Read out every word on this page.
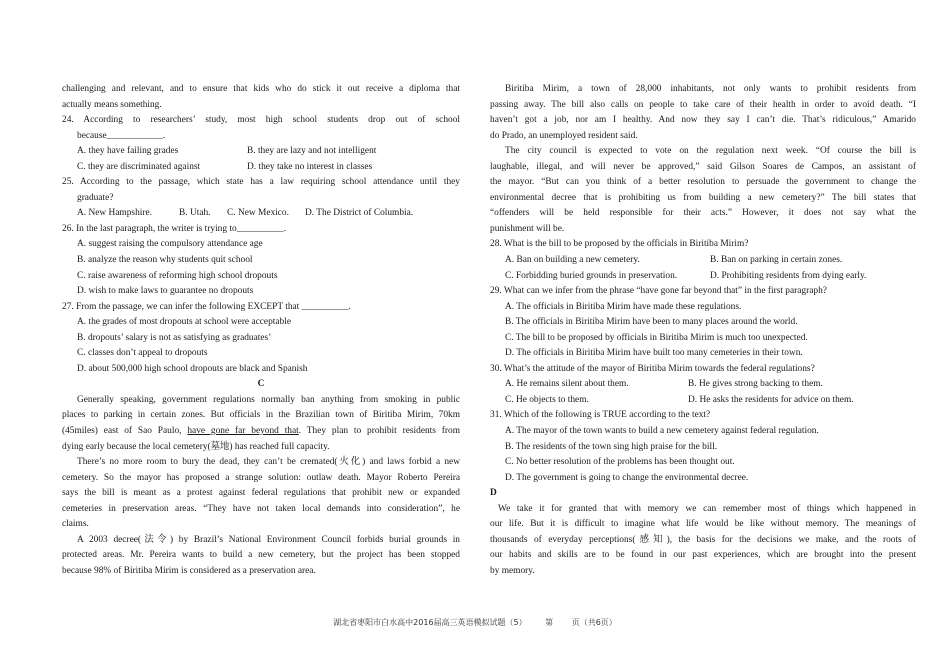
challenging and relevant, and to ensure that kids who do stick it out receive a diploma that

actually means something.

24. According to researchers’ study, most high school students drop out of school

because____________.

A. they have failing grades	B. they are lazy and not intelligent
C. they are discriminated against	D. they take no interest in classes

25. According to the passage, which state has a law requiring school attendance until they

graduate?

A. New Hampshire.	B. Utah.	C. New Mexico.	D. The District of Columbia.

26. In the last paragraph, the writer is trying to__________.

A. suggest raising the compulsory attendance age

B. analyze the reason why students quit school

C. raise awareness of reforming high school dropouts

D. wish to make laws to guarantee no dropouts

27. From the passage, we can infer the following EXCEPT that __________.

A. the grades of most dropouts at school were acceptable

B. dropouts’ salary is not as satisfying as graduates’

C. classes don’t appeal to dropouts

D. about 500,000 high school dropouts are black and Spanish

C

Generally speaking, government regulations normally ban anything from smoking in public

places to parking in certain zones. But officials in the Brazilian town of Biritiba Mirim, 70km

(45miles) east of Sao Paulo, have gone far beyond that. They plan to prohibit residents from

dying early because the local cemetery(墓地) has reached full capacity.

There’s no more room to bury the dead, they can’t be cremated(火化) and laws forbid a new

cemetery. So the mayor has proposed a strange solution: outlaw death. Mayor Roberto Pereira

says the bill is meant as a protest against federal regulations that prohibit new or expanded

cemeteries in preservation areas. “They have not taken local demands into consideration”, he

claims.

A 2003 decree(法令) by Brazil’s National Environment Council forbids burial grounds in

protected areas. Mr. Pereira wants to build a new cemetery, but the project has been stopped

because 98% of Biritiba Mirim is considered as a preservation area.

Biritiba Mirim, a town of 28,000 inhabitants, not only wants to prohibit residents from

passing away. The bill also calls on people to take care of their health in order to avoid death. “I

haven’t got a job, nor am I healthy. And now they say I can’t die. That’s ridiculous,” Amarido

do Prado, an unemployed resident said.

The city council is expected to vote on the regulation next week. “Of course the bill is

laughable, illegal, and will never be approved,” said Gilson Soares de Campos, an assistant of

the mayor. “But can you think of a better resolution to persuade the government to change the

environmental decree that is prohibiting us from building a new cemetery?” The bill states that

“offenders will be held responsible for their acts.” However, it does not say what the

punishment will be.

28. What is the bill to be proposed by the officials in Biritiba Mirim?

A. Ban on building a new cemetery.	B. Ban on parking in certain zones.
C. Forbidding buried grounds in preservation.	D. Prohibiting residents from dying early.

29. What can we infer from the phrase “have gone far beyond that” in the first paragraph?

A. The officials in Biritiba Mirim have made these regulations.

B. The officials in Biritiba Mirim have been to many places around the world.

C. The bill to be proposed by officials in Biritiba Mirim is much too unexpected.

D. The officials in Biritiba Mirim have built too many cemeteries in their town.

30. What’s the attitude of the mayor of Biritiba Mirim towards the federal regulations?

A. He remains silent about them.	B. He gives strong backing to them.
C. He objects to them.	D. He asks the residents for advice on them.

31. Which of the following is TRUE according to the text?

A. The mayor of the town wants to build a new cemetery against federal regulation.

B. The residents of the town sing high praise for the bill.

C. No better resolution of the problems has been thought out.

D. The government is going to change the environmental decree.

D

We take it for granted that with memory we can remember most of things which happened in

our life. But it is difficult to imagine what life would be like without memory. The meanings of

thousands of everyday perceptions(感知), the basis for the decisions we make, and the roots of

our habits and skills are to be found in our past experiences, which are brought into the present

by memory.

湖北省枣阳市白水高中2016届高三英语模拟试题（5） 第 页（共6页）
